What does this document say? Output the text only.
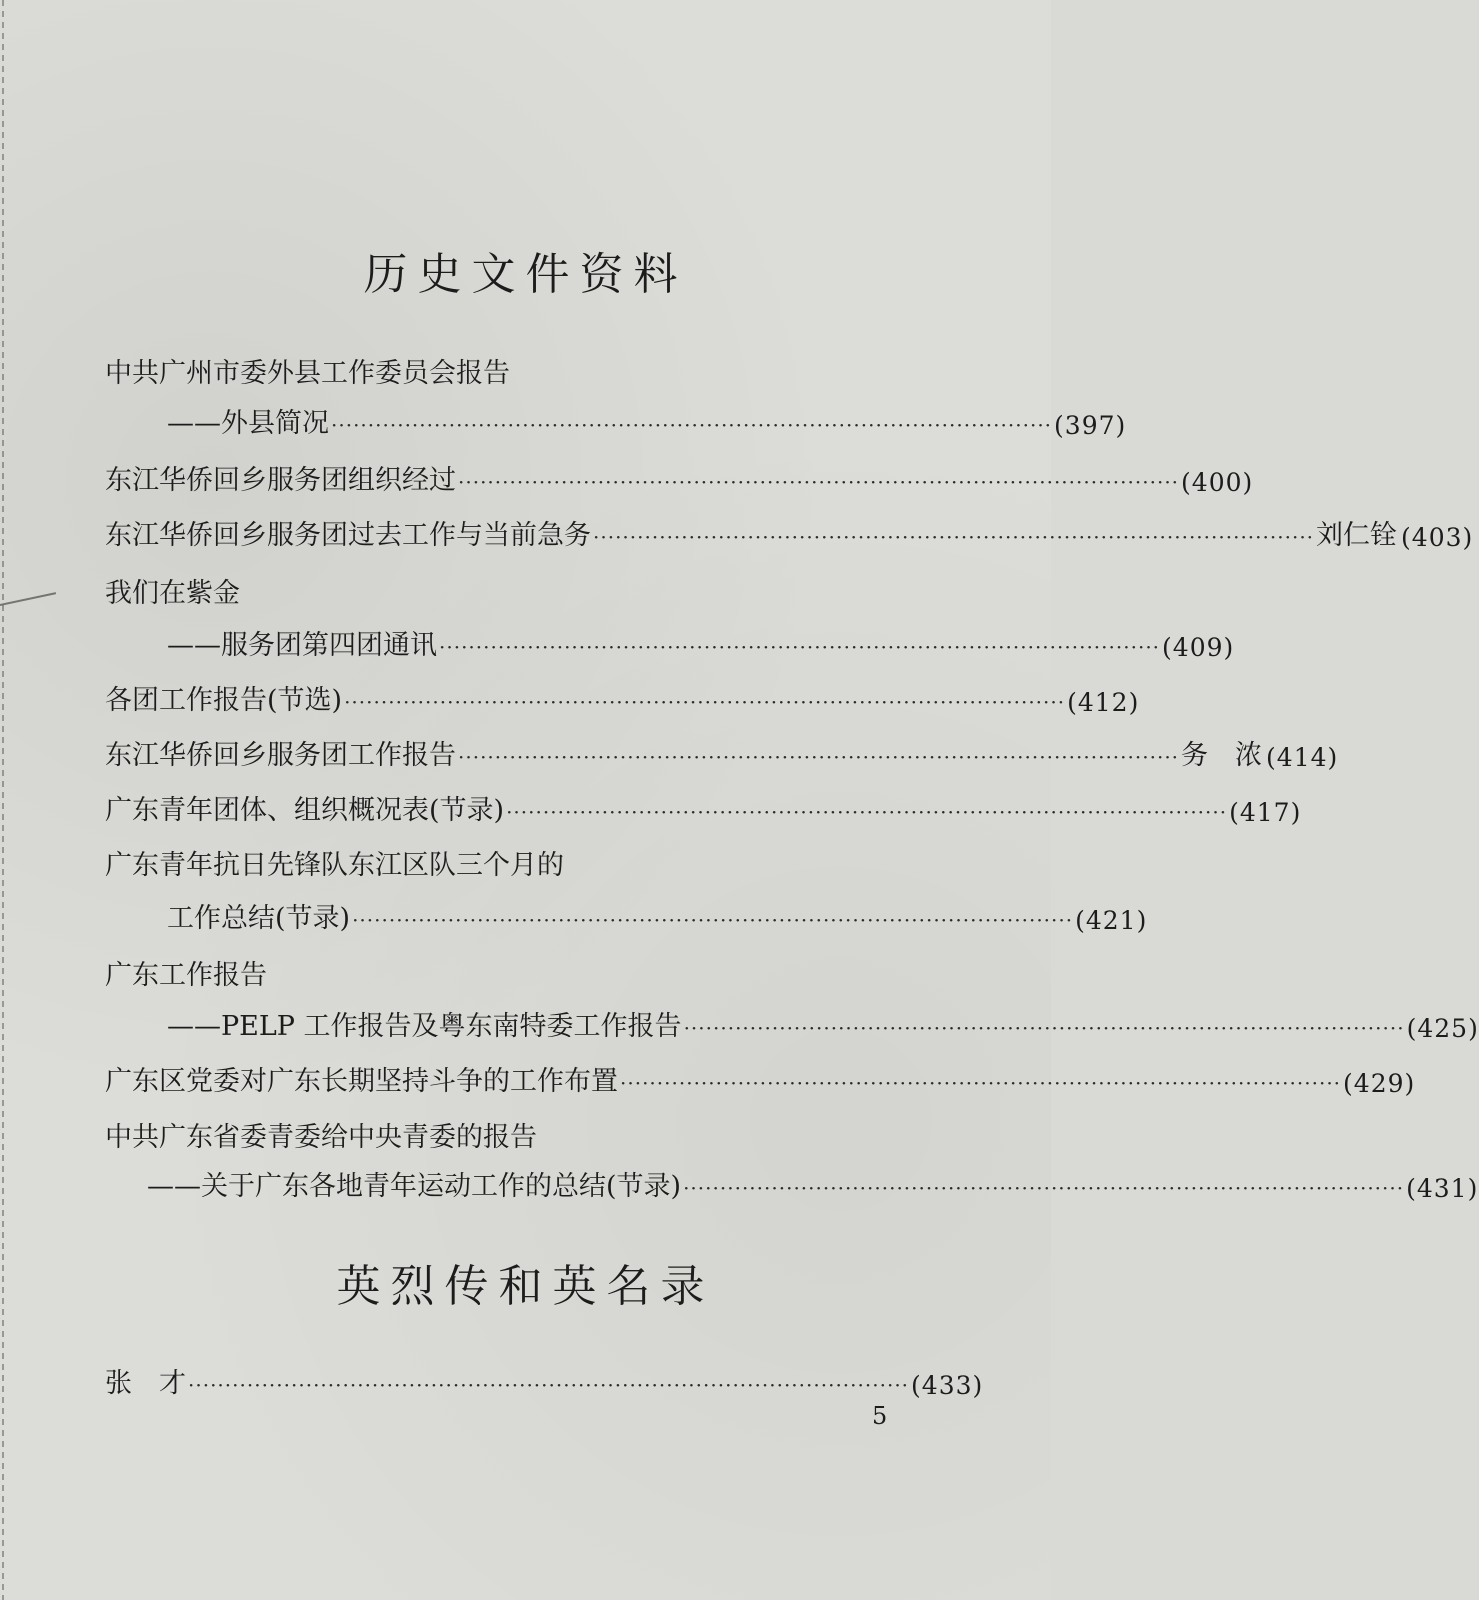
历史文件资料
中共广州市委外县工作委员会报告
——外县简况 ·································································································· (397)
东江华侨回乡服务团组织经过 ·································································································· (400)
东江华侨回乡服务团过去工作与当前急务 ·································································································· 刘仁铨 (403)
我们在紫金
——服务团第四团通讯 ·································································································· (409)
各团工作报告(节选) ·································································································· (412)
东江华侨回乡服务团工作报告 ·································································································· 务　浓 (414)
广东青年团体、组织概况表(节录) ·································································································· (417)
广东青年抗日先锋队东江区队三个月的
工作总结(节录) ·································································································· (421)
广东工作报告
——PELP 工作报告及粤东南特委工作报告 ·································································································· (425)
广东区党委对广东长期坚持斗争的工作布置 ·································································································· (429)
中共广东省委青委给中央青委的报告
——关于广东各地青年运动工作的总结(节录) ·································································································· (431)
英烈传和英名录
张　才 ·································································································· (433)
5
